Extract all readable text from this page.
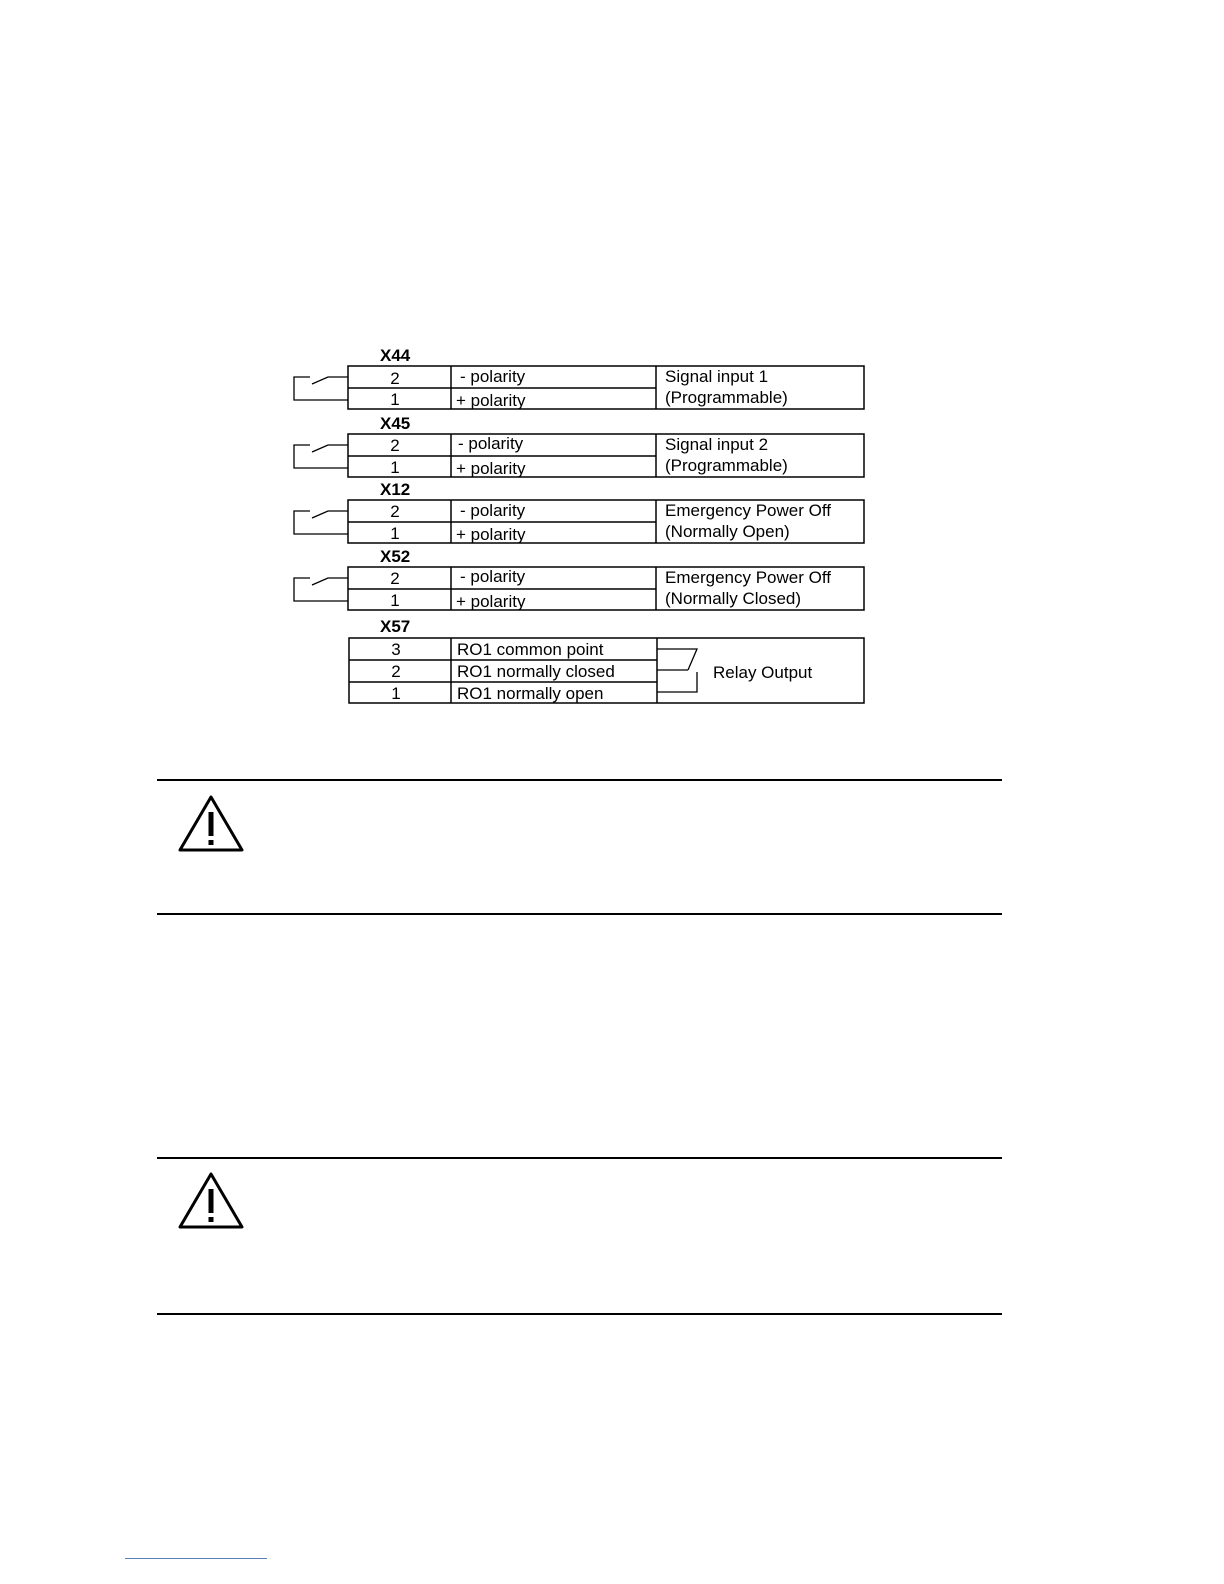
X44
2	- polarity
1	+ polarity
Signal input 1
(Programmable)
X45
2	- polarity
1	+ polarity
Signal input 2
(Programmable)
X12
2	- polarity
1	+ polarity
Emergency Power Off
(Normally Open)
X52
2	- polarity
1	+ polarity
Emergency Power Off
(Normally Closed)
X57
3	RO1 common point
2	RO1 normally closed
1	RO1 normally open
Relay Output
